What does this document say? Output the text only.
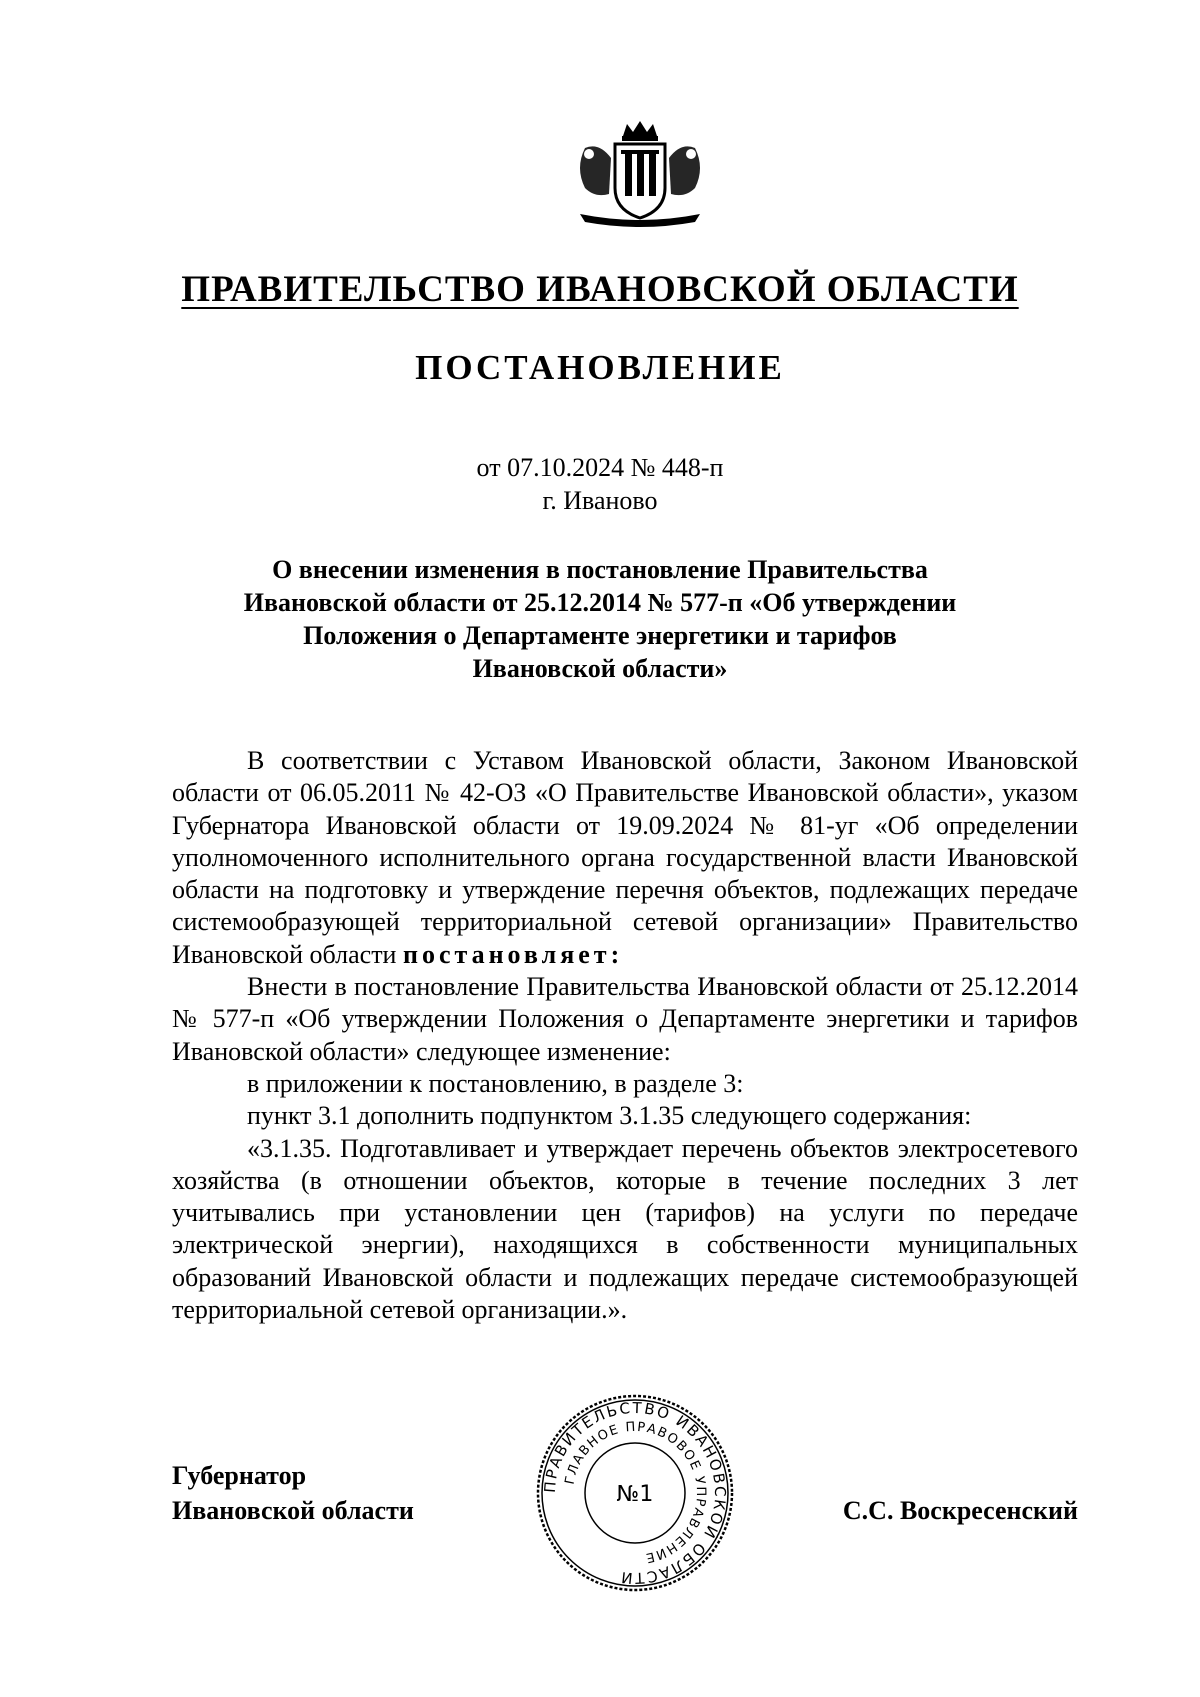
ПРАВИТЕЛЬСТВО ИВАНОВСКОЙ ОБЛАСТИ
ПОСТАНОВЛЕНИЕ
от 07.10.2024 № 448-п
г. Иваново
О внесении изменения в постановление Правительства
Ивановской области от 25.12.2014 № 577-п «Об утверждении
Положения о Департаменте энергетики и тарифов
Ивановской области»

В соответствии с Уставом Ивановской области, Законом Ивановской области от 06.05.2011 № 42-ОЗ «О Правительстве Ивановской области», указом Губернатора Ивановской области от 19.09.2024 № 81-уг «Об определении уполномоченного исполнительного органа государственной власти Ивановской области на подготовку и утверждение перечня объектов, подлежащих передаче системообразующей территориальной сетевой организации» Правительство Ивановской области постановляет:

Внести в постановление Правительства Ивановской области от 25.12.2014 № 577-п «Об утверждении Положения о Департаменте энергетики и тарифов Ивановской области» следующее изменение:

в приложении к постановлению, в разделе 3:

пункт 3.1 дополнить подпунктом 3.1.35 следующего содержания:

«3.1.35. Подготавливает и утверждает перечень объектов электросетевого хозяйства (в отношении объектов, которые в течение последних 3 лет учитывались при установлении цен (тарифов) на услуги по передаче электрической энергии), находящихся в собственности муниципальных образований Ивановской области и подлежащих передаче системообразующей территориальной сетевой организации.».

Губернатор
Ивановской области
ПРАВИТЕЛЬСТВО ИВАНОВСКОЙ ОБЛАСТИ
ГЛАВНОЕ ПРАВОВОЕ УПРАВЛЕНИЕ
№1
С.С. Воскресенский
